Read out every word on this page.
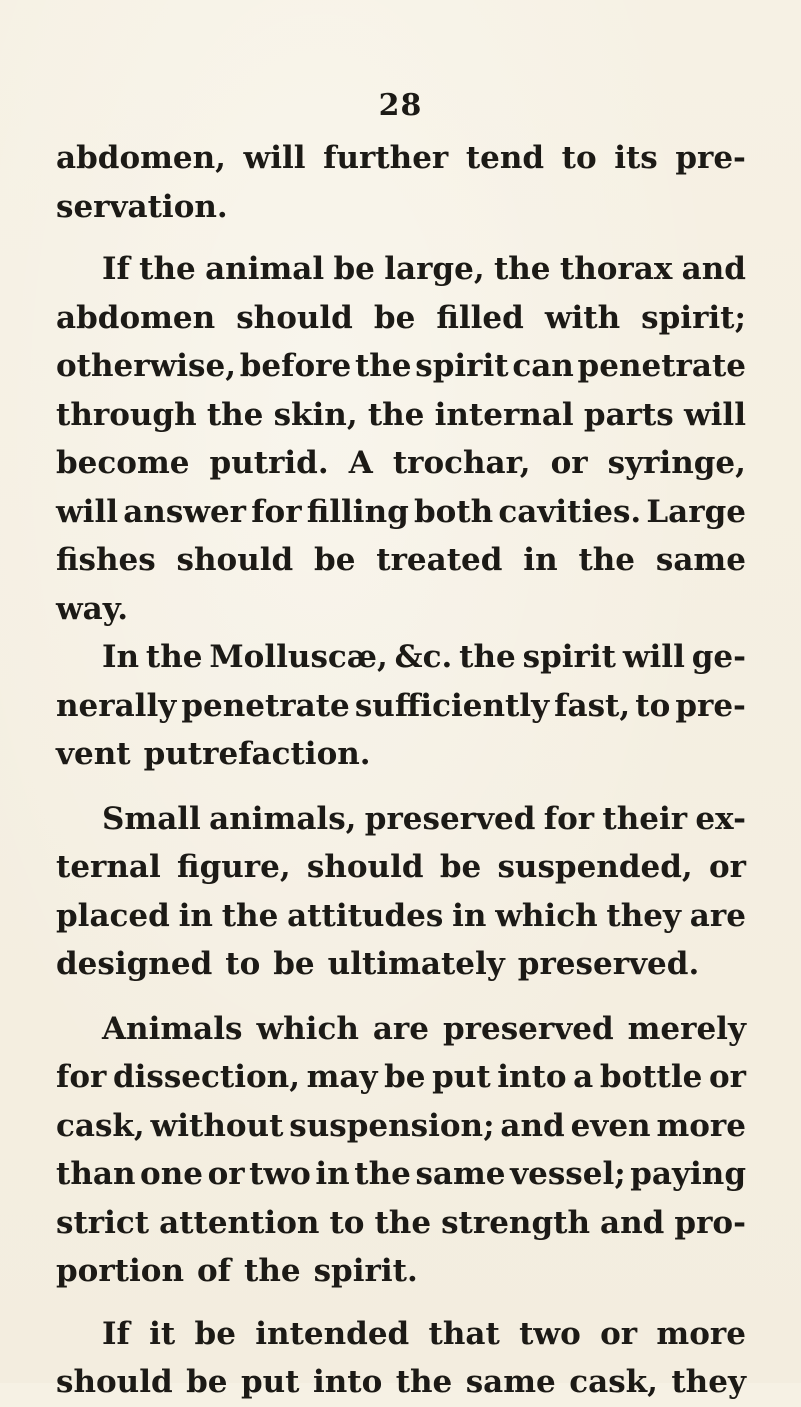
28
abdomen, will further tend to its pre-
servation.
If the animal be large, the thorax and
abdomen should be filled with spirit;
otherwise, before the spirit can penetrate
through the skin, the internal parts will
become putrid. A trochar, or syringe,
will answer for filling both cavities. Large
fishes should be treated in the same
way.
In the Molluscæ, &c. the spirit will ge-
nerally penetrate sufficiently fast, to pre-
vent putrefaction.
Small animals, preserved for their ex-
ternal figure, should be suspended, or
placed in the attitudes in which they are
designed to be ultimately preserved.
Animals which are preserved merely
for dissection, may be put into a bottle or
cask, without suspension; and even more
than one or two in the same vessel; paying
strict attention to the strength and pro-
portion of the spirit.
If it be intended that two or more
should be put into the same cask, they
